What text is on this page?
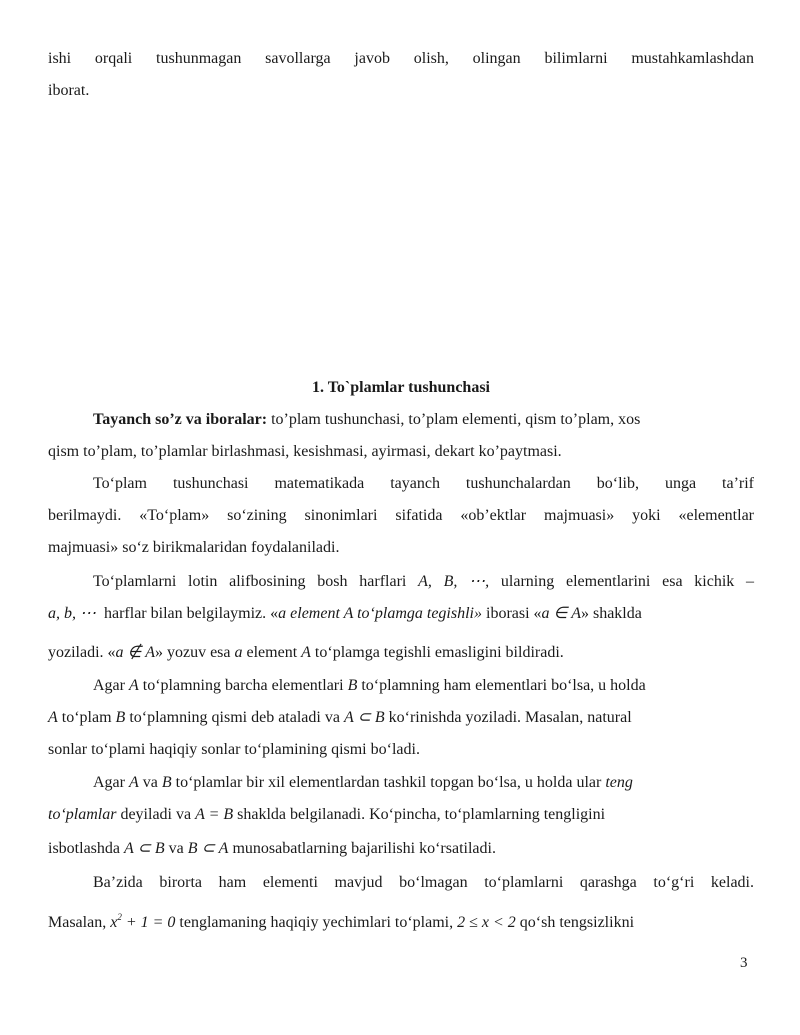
ishi orqali tushunmagan savollarga javob olish, olingan bilimlarni mustahkamlashdan
iborat.
1. To`plamlar tushunchasi
Tayanch so’z va iboralar: to’plam tushunchasi, to’plam elementi, qism to’plam, xos
qism to’plam, to’plamlar birlashmasi, kesishmasi, ayirmasi, dekart ko’paytmasi.
To‘plam tushunchasi matematikada tayanch tushunchalardan bo‘lib, unga ta’rif
berilmaydi. «To‘plam» so‘zining sinonimlari sifatida «ob’ektlar majmuasi» yoki «elementlar
majmuasi» so‘z birikmalaridan foydalaniladi.
To‘plamlarni lotin alifbosining bosh harflari A, B, ⋯, ularning elementlarini esa kichik –
a, b, ⋯ harflar bilan belgilaymiz. «a element A to‘plamga tegishli» iborasi «a ∈ A» shaklda
yoziladi. «a ∉ A» yozuv esa a element A to‘plamga tegishli emasligini bildiradi.
Agar A to‘plamning barcha elementlari B to‘plamning ham elementlari bo‘lsa, u holda
A to‘plam B to‘plamning qismi deb ataladi va A ⊂ B ko‘rinishda yoziladi. Masalan, natural
sonlar to‘plami haqiqiy sonlar to‘plamining qismi bo‘ladi.
Agar A va B to‘plamlar bir xil elementlardan tashkil topgan bo‘lsa, u holda ular teng
to‘plamlar deyiladi va A = B shaklda belgilanadi. Ko‘pincha, to‘plamlarning tengligini
isbotlashda A ⊂ B va B ⊂ A munosabatlarning bajarilishi ko‘rsatiladi.
Ba’zida birorta ham elementi mavjud bo‘lmagan to‘plamlarni qarashga to‘g‘ri keladi.
Masalan, $x^2 + 1 = 0$ tenglamaning haqiqiy yechimlari to‘plami, 2 ≤ x < 2 qo‘sh tengsizlikni
3
